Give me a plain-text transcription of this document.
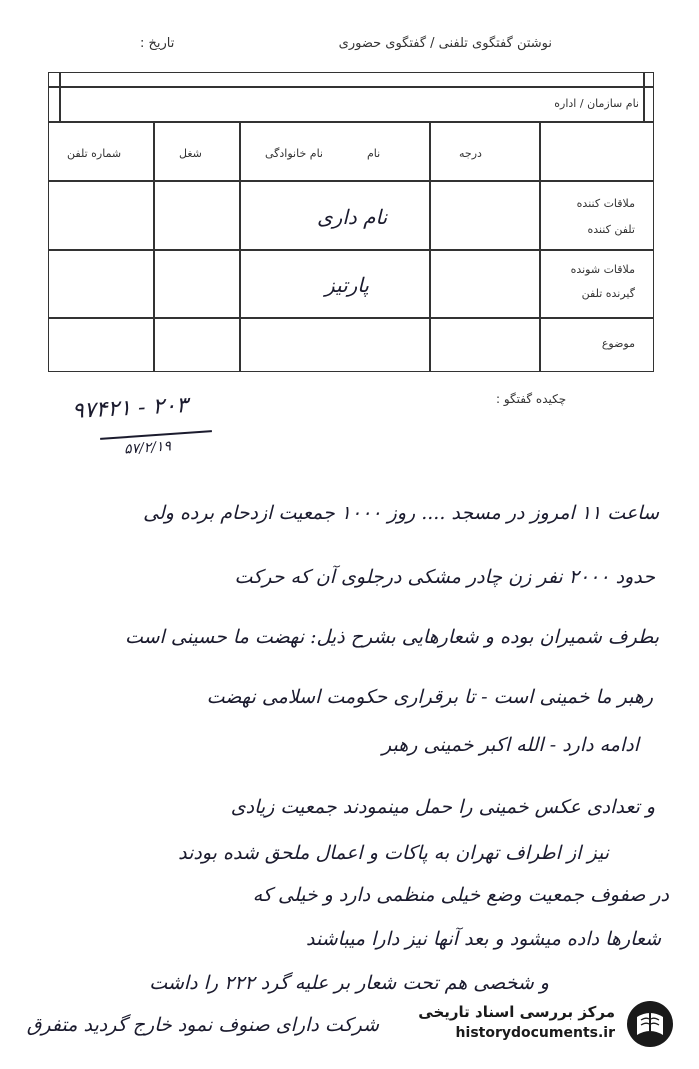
نوشتن گفتگوی تلفنی / گفتگوی حضوری
تاریخ :
نام سازمان / اداره
درجه
نام
نام خانوادگی
شغل
شماره تلفن
ملاقات کننده
تلفن کننده
ملاقات شونده
گیرنده تلفن
موضوع
نام داری
پارتیز
چکیده گفتگو :
۹۷۴۲۱ - ۲۰۳
۵۷/۲/۱۹
ساعت ۱۱ امروز در مسجد .... روز ۱۰۰۰ جمعیت ازدحام برده ولی
حدود ۲۰۰۰ نفر زن چادر مشکی درجلوی آن که حرکت
بطرف شمیران بوده و شعارهایی بشرح ذیل: نهضت ما حسینی است
رهبر ما خمینی است - تا برقراری حکومت اسلامی نهضت
ادامه دارد - الله اکبر خمینی رهبر
و تعدادی عکس خمینی را حمل مینمودند جمعیت زیادی
نیز از اطراف تهران به پاکات و اعمال ملحق شده بودند
در صفوف جمعیت وضع خیلی منظمی دارد و خیلی که
شعارها داده میشود و بعد آنها نیز دارا میباشند
و شخصی هم تحت شعار بر علیه گرد ۲۲۲ را داشت
شرکت دارای صنوف نمود خارج گردید متفرق
مرکز بررسی اسناد تاریخی
historydocuments.ir
